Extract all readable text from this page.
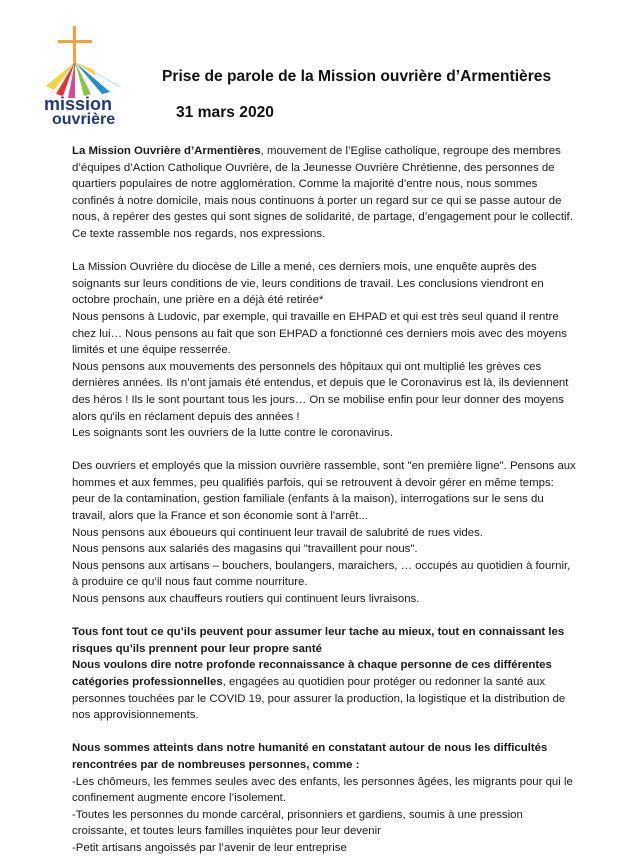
mission
ouvrière
Prise de parole de la Mission ouvrière d’Armentières
31 mars 2020

La Mission Ouvrière d’Armentières, mouvement de l’Eglise catholique, regroupe des membres d’équipes d’Action Catholique Ouvrière, de la Jeunesse Ouvrière Chrétienne, des personnes de quartiers populaires de notre agglomération. Comme la majorité d’entre nous, nous sommes confinés à notre domicile, mais nous continuons à porter un regard sur ce qui se passe autour de nous, à repérer des gestes qui sont signes de solidarité, de partage, d’engagement pour le collectif. Ce texte rassemble nos regards, nos expressions.

La Mission Ouvrière du diocèse de Lille a mené, ces derniers mois, une enquête auprès des soignants sur leurs conditions de vie, leurs conditions de travail. Les conclusions viendront en octobre prochain, une prière en a déjà été retirée*

Nous pensons à Ludovic, par exemple, qui travaille en EHPAD et qui est très seul quand il rentre chez lui… Nous pensons au fait que son EHPAD a fonctionné ces derniers mois avec des moyens limités et une équipe resserrée.

Nous pensons aux mouvements des personnels des hôpitaux qui ont multiplié les grèves ces dernières années. Ils n’ont jamais été entendus, et depuis que le Coronavirus est là, ils deviennent des héros ! Ils le sont pourtant tous les jours… On se mobilise enfin pour leur donner des moyens alors qu'ils en réclament depuis des années !

Les soignants sont les ouvriers de la lutte contre le coronavirus.

Des ouvriers et employés que la mission ouvrière rassemble, sont "en première ligne". Pensons aux hommes et aux femmes, peu qualifiés parfois, qui se retrouvent à devoir gérer en même temps: peur de la contamination, gestion familiale (enfants à la maison), interrogations sur le sens du travail, alors que la France et son économie sont à l'arrêt...

Nous pensons aux éboueurs qui continuent leur travail de salubrité de rues vides.

Nous pensons aux salariés des magasins qui "travaillent pour nous".

Nous pensons aux artisans – bouchers, boulangers, maraichers, … occupés au quotidien à fournir, à produire ce qu’il nous faut comme nourriture.

Nous pensons aux chauffeurs routiers qui continuent leurs livraisons.

Tous font tout ce qu’ils peuvent pour assumer leur tache au mieux, tout en connaissant les risques qu’ils prennent pour leur propre santé

Nous voulons dire notre profonde reconnaissance à chaque personne de ces différentes catégories professionnelles, engagées au quotidien pour protéger ou redonner la santé aux personnes touchées par le COVID 19, pour assurer la production, la logistique et la distribution de nos approvisionnements.

Nous sommes atteints dans notre humanité en constatant autour de nous les difficultés rencontrées par de nombreuses personnes, comme :

-Les chômeurs, les femmes seules avec des enfants, les personnes âgées, les migrants pour qui le confinement augmente encore l’isolement.

-Toutes les personnes du monde carcéral, prisonniers et gardiens, soumis à une pression croissante, et toutes leurs familles inquiètes pour leur devenir

-Petit artisans angoissés par l’avenir de leur entreprise
